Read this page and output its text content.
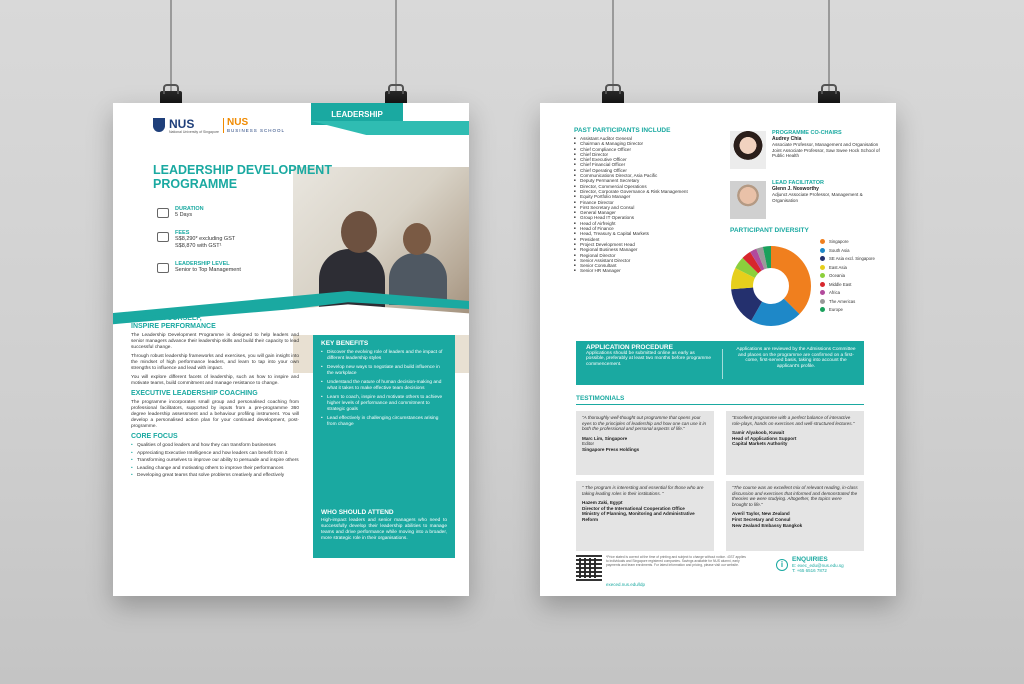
NUS
National University of Singapore
NUS
BUSINESS SCHOOL
LEADERSHIP
LEADERSHIP DEVELOPMENT PROGRAMME
DURATION
5 Days
FEES
S$8,290* excluding GST
S$8,870 with GST¹
LEADERSHIP LEVEL
Senior to Top Management
MASTER YOURSELF,
INSPIRE PERFORMANCE

The Leadership Development Programme is designed to help leaders and senior managers advance their leadership skills and build their capacity to lead successful change.

Through robust leadership frameworks and exercises, you will gain insight into the mindset of high performance leaders, and learn to tap into your own strengths to influence and lead with impact.

You will explore different facets of leadership, such as how to inspire and motivate teams, build commitment and manage resistance to change.

EXECUTIVE LEADERSHIP COACHING

The programme incorporates small group and personalised coaching from professional facilitators, supported by inputs from a pre-programme 360 degree leadership assessment and a behaviour profiling instrument. You will develop a personalised action plan for your continued development, post-programme.

CORE FOCUS
• Qualities of good leaders and how they can transform businesses
• Appreciating Executive Intelligence and how leaders can benefit from it
• Transforming ourselves to improve our ability to persuade and inspire others
• Leading change and motivating others to improve their performances
• Developing great teams that solve problems creatively and effectively
KEY BENEFITS
• Discover the evolving role of leaders and the impact of different leadership styles
• Develop new ways to negotiate and build influence in the workplace
• Understand the nature of human decision-making and what it takes to make effective team decisions
• Learn to coach, inspire and motivate others to achieve higher levels of performance and commitment to strategic goals
• Lead effectively in challenging circumstances arising from change
WHO SHOULD ATTEND

High-impact leaders and senior managers who need to successfully develop their leadership abilities to manage teams and drive performance while moving into a broader, more strategic role in their organisations.

PAST PARTICIPANTS INCLUDE
■ Assistant Auditor General
■ Chairman & Managing Director
■ Chief Compliance Officer
■ Chief Director
■ Chief Executive Officer
■ Chief Financial Officer
■ Chief Operating Officer
■ Communications Director, Asia Pacific
■ Deputy Permanent Secretary
■ Director, Commercial Operations
■ Director, Corporate Governance & Risk Management
■ Equity Portfolio Manager
■ Finance Director
■ First Secretary and Consul
■ General Manager
■ Group Head IT Operations
■ Head of Airfreight
■ Head of Finance
■ Head, Treasury & Capital Markets
■ President
■ Project Development Head
■ Regional Business Manager
■ Regional Director
■ Senior Assistant Director
■ Senior Consultant
■ Senior HR Manager
PROGRAMME CO-CHAIRS
Audrey Chia
Associate Professor, Management and Organisation Joint Associate Professor, Saw Swee Hock School of Public Health
LEAD FACILITATOR
Glenn J. Nosworthy
Adjunct Associate Professor, Management & Organisation
PARTICIPANT DIVERSITY
Singapore
South Asia
SE Asia excl. Singapore
East Asia
Oceania
Middle East
Africa
The Americas
Europe
APPLICATION PROCEDURE
Applications should be submitted online as early as possible, preferably at least two months before programme commencement.
Applications are reviewed by the Admissions Committee and places on the programme are confirmed on a first-come, first-served basis, taking into account the applicant's profile.
TESTIMONIALS
"A thoroughly well-thought out programme that opens your eyes to the principles of leadership and how one can use it in both the professional and personal aspects of life."
Marc Lim, Singapore
Editor
Singapore Press Holdings
"Excellent programme with a perfect balance of interactive role-plays, hands on exercises and well-structured lectures."
Samir Alyakoob, Kuwait
Head of Applications Support
Capital Markets Authority
" The program is interesting and essential for those who are taking leading roles in their institutions. "
Hazem Zaki, Egypt
Director of the International Cooperation Office
Ministry of Planning, Monitoring and Administrative Reform
"The course was an excellent mix of relevant reading, in-class discussion and exercises that informed and demonstrated the theories we were studying. Altogether, the topics were brought to life."
Averil Taylor, New Zealand
First Secretary and Consul
New Zealand Embassy Bangkok
*Price stated is correct at the time of printing and subject to change without notice. ¹GST applies to individuals and Singapore registered companies. Savings available for NUS alumni, early payments and team enrolments. For latest information and pricing, please visit our website.
execed.nus.edu/ldp
i
ENQUIRIES
E: exec_edu@nus.edu.sg
T: +65 6516 7872
